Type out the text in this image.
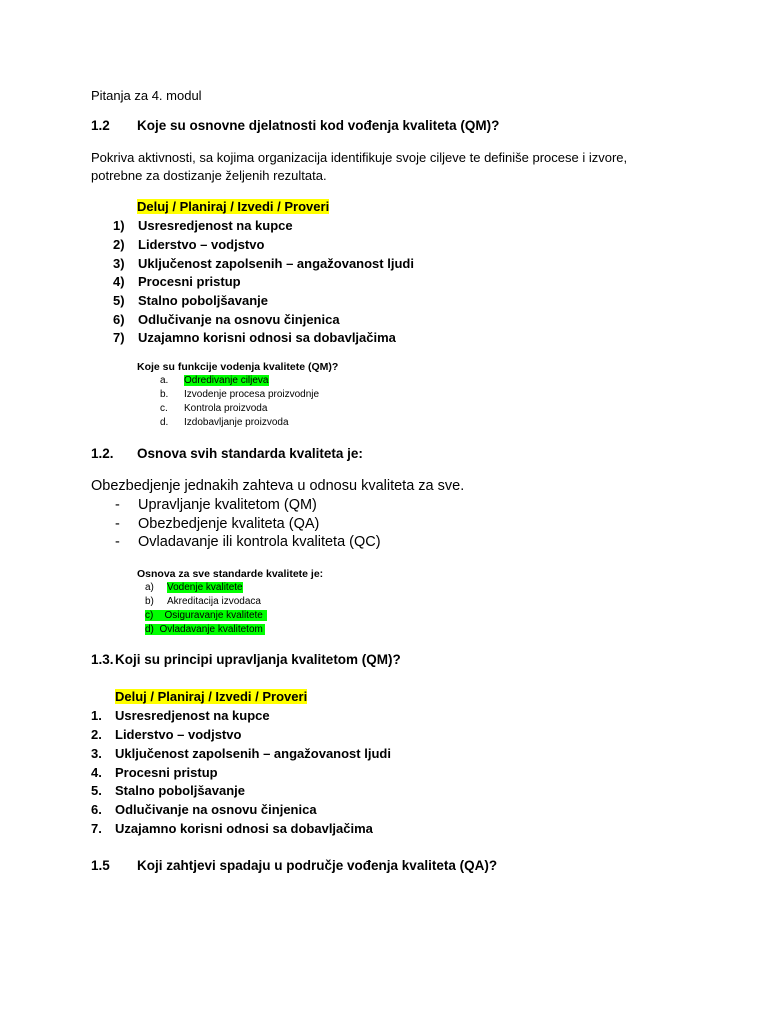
Pitanja za 4. modul
1.2 Koje su osnovne djelatnosti kod vođenja kvaliteta (QM)?
Pokriva aktivnosti, sa kojima organizacija identifikuje svoje ciljeve te definiše procese i izvore,
potrebne za dostizanje željenih rezultata.
Deluj / Planiraj / Izvedi / Proveri
1) Usresredjenost na kupce
2) Liderstvo – vodjstvo
3) Uključenost zapolsenih – angažovanost ljudi
4) Procesni pristup
5) Stalno poboljšavanje
6) Odlučivanje na osnovu činjenica
7) Uzajamno korisni odnosi sa dobavljačima
Koje su funkcije vodenja kvalitete (QM)?
a. Odredivanje ciljeva
b. Izvodenje procesa proizvodnje
c. Kontrola proizvoda
d. Izdobavljanje proizvoda
1.2. Osnova svih standarda kvaliteta je:
Obezbedjenje jednakih zahteva u odnosu kvaliteta za sve.
- Upravljanje kvalitetom (QM)
- Obezbedjenje kvaliteta (QA)
- Ovladavanje ili kontrola kvaliteta (QC)
Osnova za sve standarde kvalitete je:
a) Vodenje kvalitete
b) Akreditacija izvodaca
c) Osiguravanje kvalitete
d) Ovladavanje kvalitetom
1.3. Koji su principi upravljanja kvalitetom (QM)?
Deluj / Planiraj / Izvedi / Proveri
1. Usresredjenost na kupce
2. Liderstvo – vodjstvo
3. Uključenost zapolsenih – angažovanost ljudi
4. Procesni pristup
5. Stalno poboljšavanje
6. Odlučivanje na osnovu činjenica
7. Uzajamno korisni odnosi sa dobavljačima
1.5 Koji zahtjevi spadaju u područje vođenja kvaliteta (QA)?
